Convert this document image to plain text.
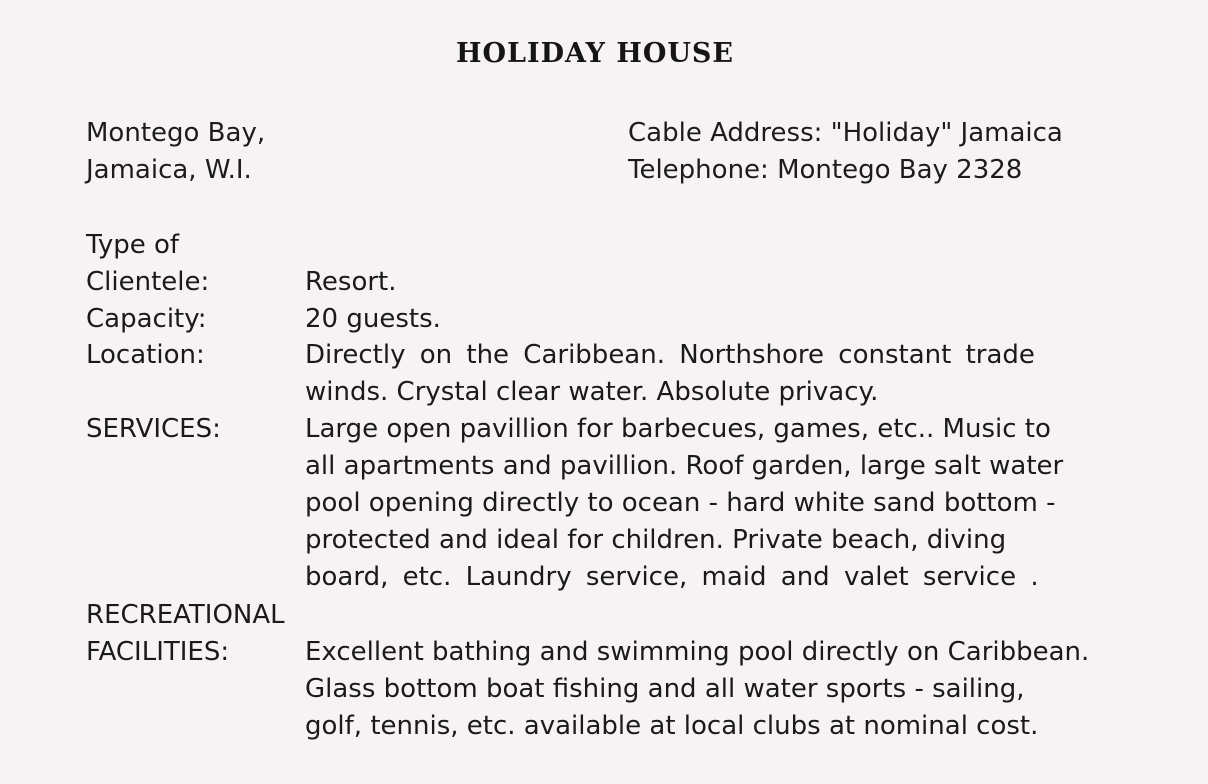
HOLIDAY HOUSE
Montego Bay,
Jamaica, W.I.
Cable Address: "Holiday" Jamaica
Telephone: Montego Bay 2328
Type of
Clientele:	Resort.
Capacity:	20 guests.
Location:	Directly on the Caribbean. Northshore constant trade
winds. Crystal clear water. Absolute privacy.
SERVICES:	Large open pavillion for barbecues, games, etc.. Music to
all apartments and pavillion. Roof garden, large salt water
pool opening directly to ocean - hard white sand bottom -
protected and ideal for children. Private beach, diving
board, etc. Laundry service, maid and valet service .
RECREATIONAL
FACILITIES:	Excellent bathing and swimming pool directly on Caribbean.
Glass bottom boat fishing and all water sports - sailing,
golf, tennis, etc. available at local clubs at nominal cost.
